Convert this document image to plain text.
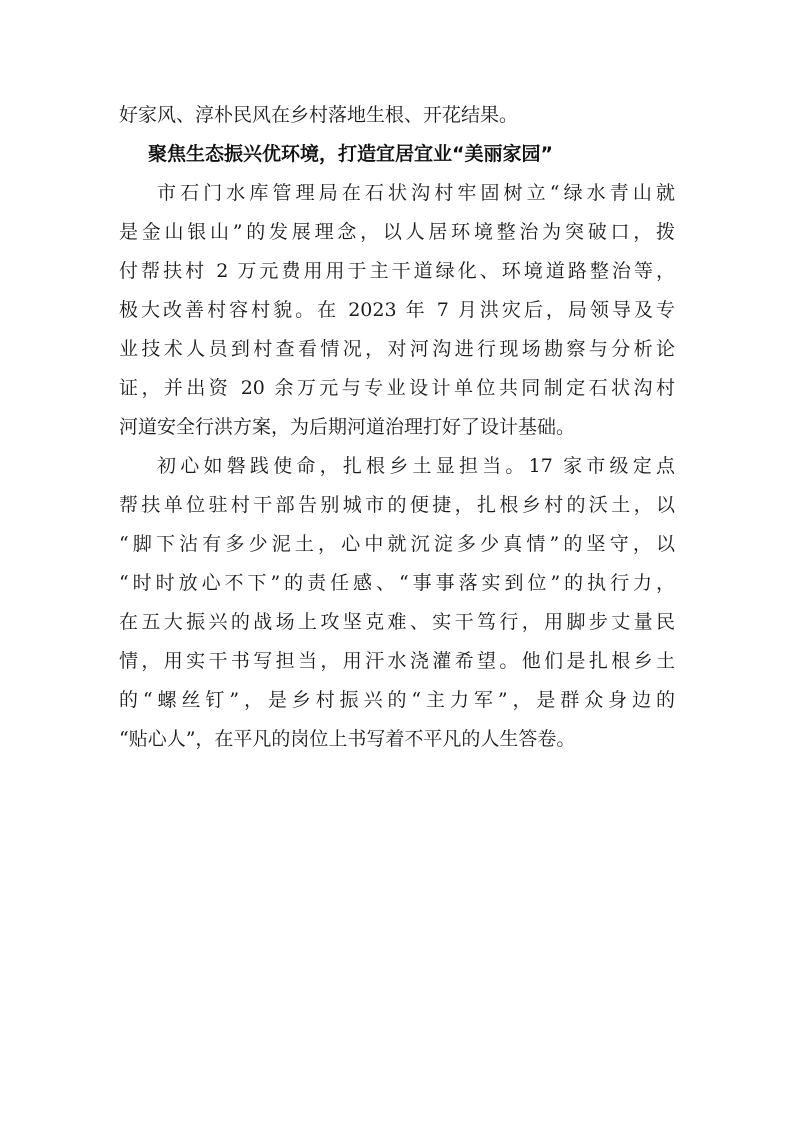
好家风、淳朴民风在乡村落地生根、开花结果。
聚焦生态振兴优环境，打造宜居宜业“美丽家园”
市石门水库管理局在石状沟村牢固树立“绿水青山就
是金山银山”的发展理念，以人居环境整治为突破口，拨
付帮扶村 2 万元费用用于主干道绿化、环境道路整治等，
极大改善村容村貌。在 2023 年 7 月洪灾后，局领导及专
业技术人员到村查看情况，对河沟进行现场勘察与分析论
证，并出资 20 余万元与专业设计单位共同制定石状沟村
河道安全行洪方案，为后期河道治理打好了设计基础。
初心如磐践使命，扎根乡土显担当。17 家市级定点
帮扶单位驻村干部告别城市的便捷，扎根乡村的沃土，以
“脚下沾有多少泥土，心中就沉淀多少真情”的坚守，以
“时时放心不下”的责任感、“事事落实到位”的执行力，
在五大振兴的战场上攻坚克难、实干笃行，用脚步丈量民
情，用实干书写担当，用汗水浇灌希望。他们是扎根乡土
的“螺丝钉”，是乡村振兴的“主力军”，是群众身边的
“贴心人”，在平凡的岗位上书写着不平凡的人生答卷。
